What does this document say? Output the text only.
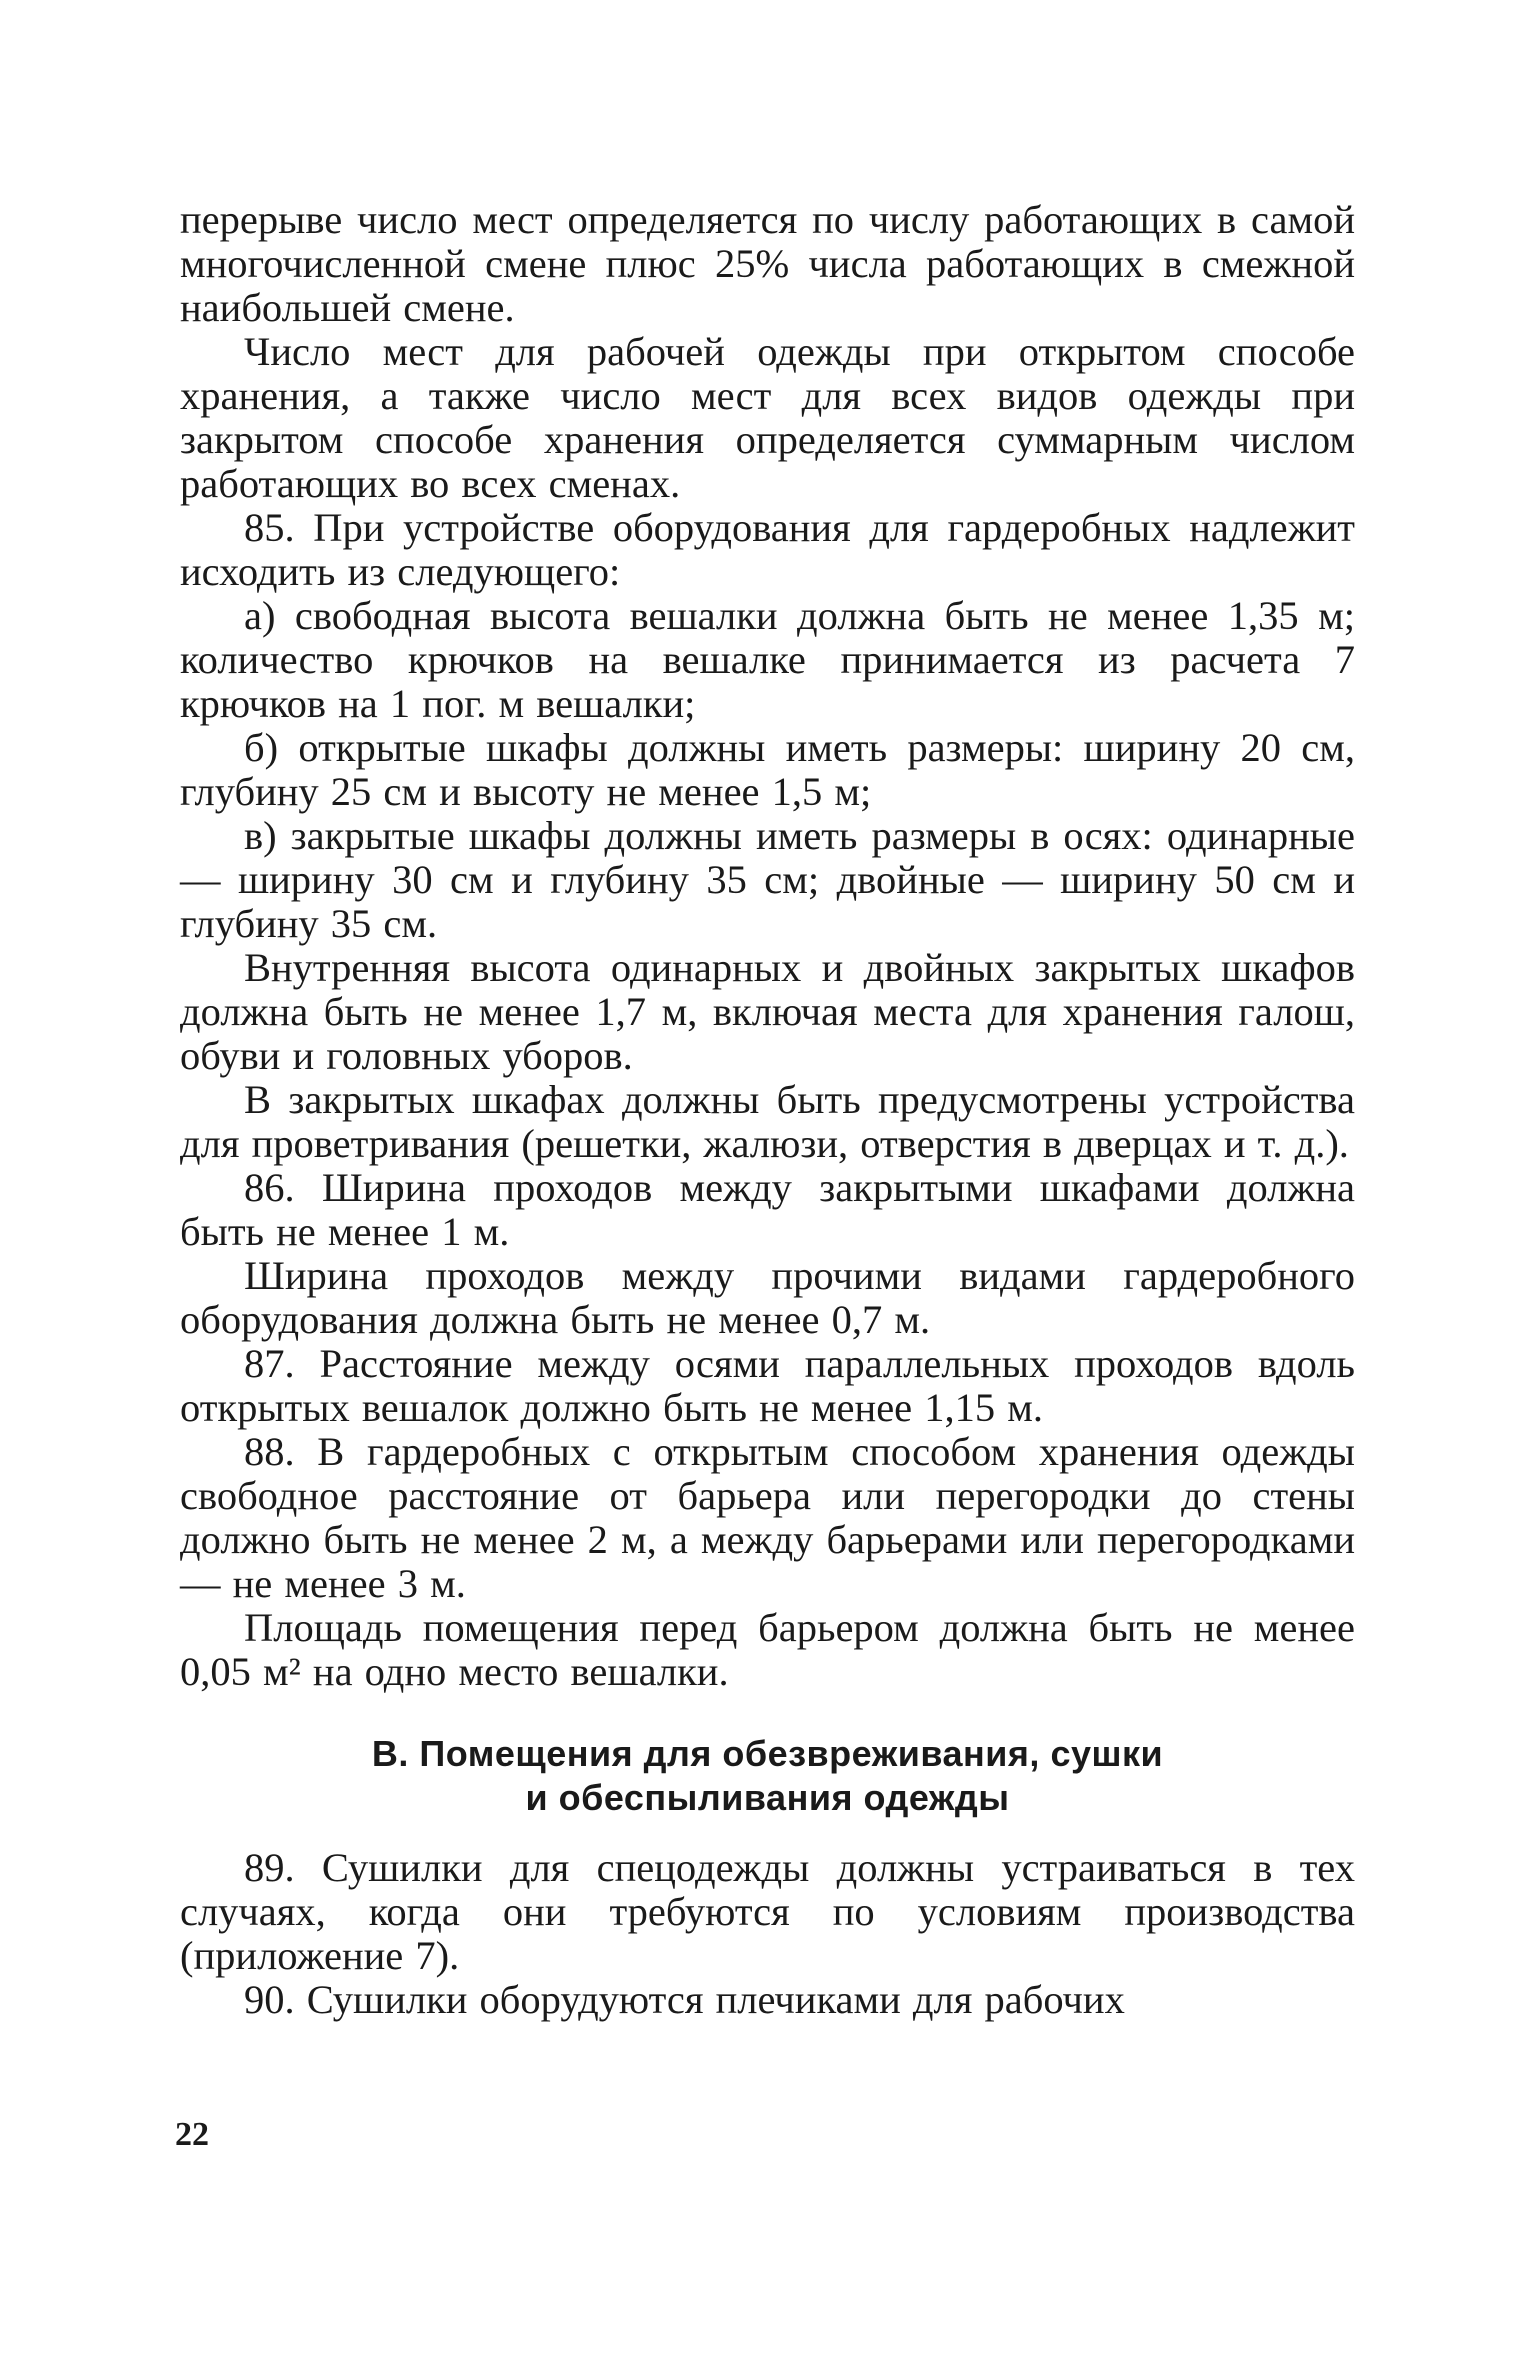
перерыве число мест определяется по числу работающих в самой многочисленной смене плюс 25% числа работающих в смежной наибольшей смене.

Число мест для рабочей одежды при открытом способе хранения, а также число мест для всех видов одежды при закрытом способе хранения определяется суммарным числом работающих во всех сменах.

85. При устройстве оборудования для гардеробных надлежит исходить из следующего:

а) свободная высота вешалки должна быть не менее 1,35 м; количество крючков на вешалке принимается из расчета 7 крючков на 1 пог. м вешалки;

б) открытые шкафы должны иметь размеры: ширину 20 см, глубину 25 см и высоту не менее 1,5 м;

в) закрытые шкафы должны иметь размеры в осях: одинарные — ширину 30 см и глубину 35 см; двойные — ширину 50 см и глубину 35 см.

Внутренняя высота одинарных и двойных закрытых шкафов должна быть не менее 1,7 м, включая места для хранения галош, обуви и головных уборов.

В закрытых шкафах должны быть предусмотрены устройства для проветривания (решетки, жалюзи, отверстия в дверцах и т. д.).

86. Ширина проходов между закрытыми шкафами должна быть не менее 1 м.

Ширина проходов между прочими видами гардеробного оборудования должна быть не менее 0,7 м.

87. Расстояние между осями параллельных проходов вдоль открытых вешалок должно быть не менее 1,15 м.

88. В гардеробных с открытым способом хранения одежды свободное расстояние от барьера или перегородки до стены должно быть не менее 2 м, а между барьерами или перегородками — не менее 3 м.

Площадь помещения перед барьером должна быть не менее 0,05 м² на одно место вешалки.

В. Помещения для обезвреживания, сушки
и обеспыливания одежды

89. Сушилки для спецодежды должны устраиваться в тех случаях, когда они требуются по условиям производства (приложение 7).

90. Сушилки оборудуются плечиками для рабочих

22
